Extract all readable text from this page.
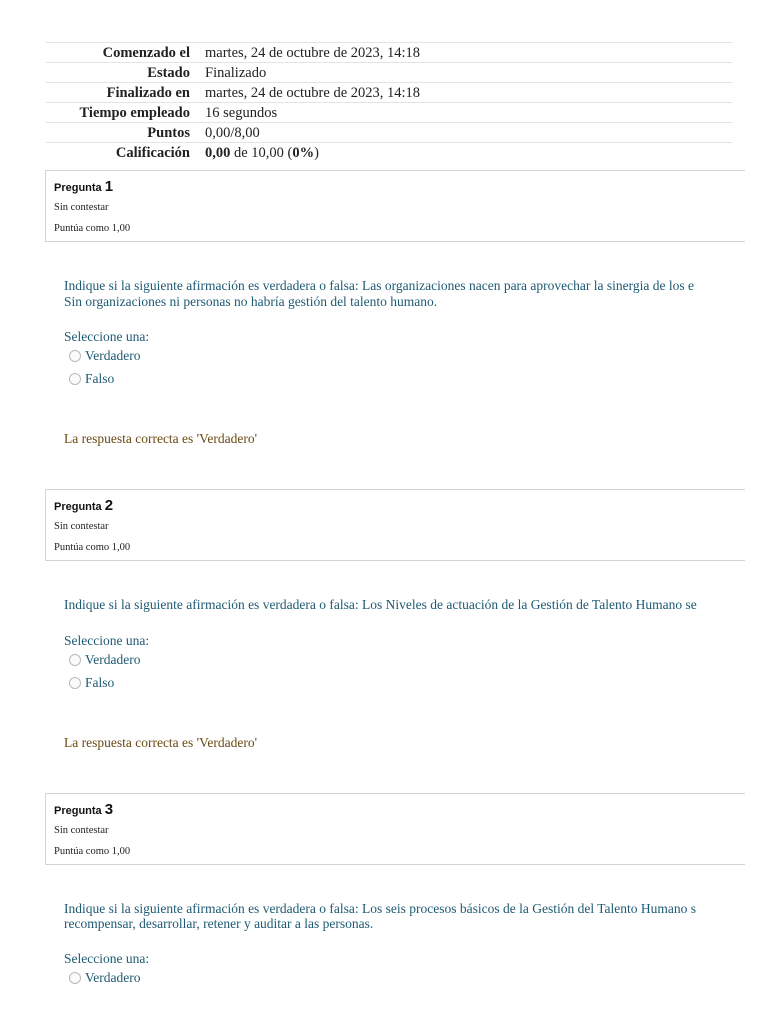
Comenzado el	martes, 24 de octubre de 2023, 14:18
Estado	Finalizado
Finalizado en	martes, 24 de octubre de 2023, 14:18
Tiempo empleado	16 segundos
Puntos	0,00/8,00
Calificación	0,00 de 10,00 (0%)
Pregunta 1
Sin contestar
Puntúa como 1,00
Indique si la siguiente afirmación es verdadera o falsa: Las organizaciones nacen para aprovechar la sinergia de los e
Sin organizaciones ni personas no habría gestión del talento humano.
Seleccione una:
Verdadero
Falso
La respuesta correcta es 'Verdadero'
Pregunta 2
Sin contestar
Puntúa como 1,00
Indique si la siguiente afirmación es verdadera o falsa: Los Niveles de actuación de la Gestión de Talento Humano se
Seleccione una:
Verdadero
Falso
La respuesta correcta es 'Verdadero'
Pregunta 3
Sin contestar
Puntúa como 1,00
Indique si la siguiente afirmación es verdadera o falsa: Los seis procesos básicos de la Gestión del Talento Humano s
recompensar, desarrollar, retener y auditar a las personas.
Seleccione una:
Verdadero
